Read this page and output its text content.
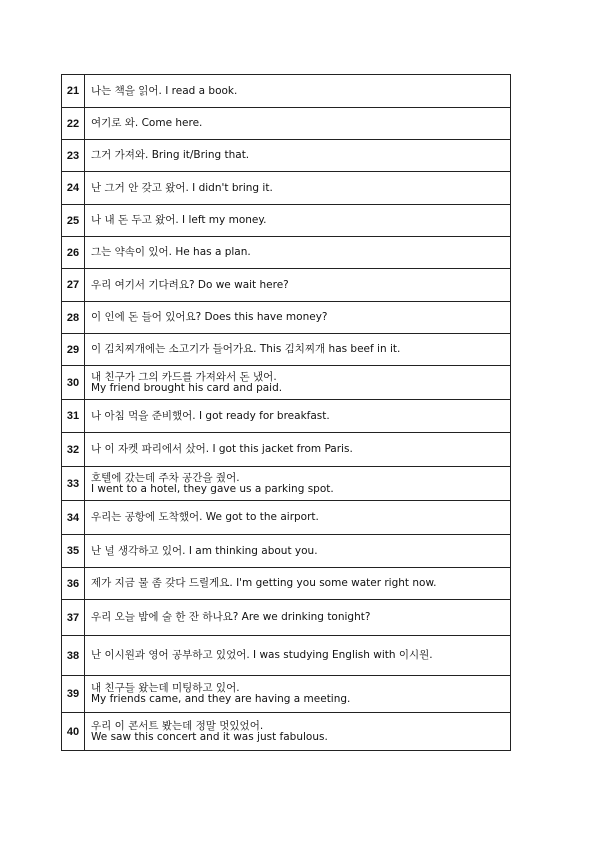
21	나는 책을 읽어. I read a book.

22	여기로 와. Come here.

23	그거 가져와. Bring it/Bring that.

24	난 그거 안 갖고 왔어. I didn't bring it.

25	나 내 돈 두고 왔어. I left my money.

26	그는 약속이 있어. He has a plan.

27	우리 여기서 기다려요? Do we wait here?

28	이 인에 돈 들어 있어요? Does this have money?

29	이 김치찌개에는 소고기가 들어가요. This 김치찌개 has beef in it.

30	내 친구가 그의 카드를 가져와서 돈 냈어.
My friend brought his card and paid.

31	나 아침 먹을 준비했어. I got ready for breakfast.

32	나 이 자켓 파리에서 샀어. I got this jacket from Paris.

33	호텔에 갔는데 주차 공간을 줬어.
I went to a hotel, they gave us a parking spot.

34	우리는 공항에 도착했어. We got to the airport.

35	난 널 생각하고 있어. I am thinking about you.

36	제가 지금 물 좀 갖다 드릴게요. I'm getting you some water right now.

37	우리 오늘 밤에 술 한 잔 하나요? Are we drinking tonight?

38	난 이시원과 영어 공부하고 있었어. I was studying English with 이시원.

39	내 친구들 왔는데 미팅하고 있어.
My friends came, and they are having a meeting.

40	우리 이 콘서트 봤는데 정말 멋있었어.
We saw this concert and it was just fabulous.
